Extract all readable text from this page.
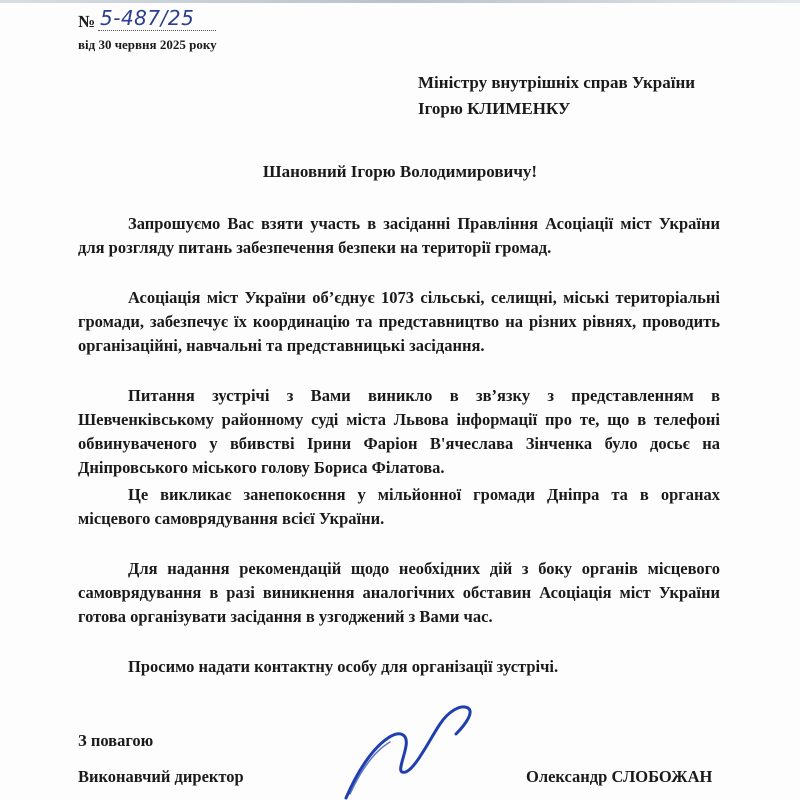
№ 5-487/25
від 30 червня 2025 року
Міністру внутрішніх справ України
Ігорю КЛИМЕНКУ
Шановний Ігорю Володимировичу!

Запрошуємо Вас взяти участь в засіданні Правління Асоціації міст України для розгляду питань забезпечення безпеки на території громад.

Асоціація міст України об’єднує 1073 сільські, селищні, міські територіальні громади, забезпечує їх координацію та представництво на різних рівнях, проводить організаційні, навчальні та представницькі засідання.

Питання зустрічі з Вами виникло в зв’язку з представленням в Шевченківському районному суді міста Львова інформації про те, що в телефоні обвинуваченого у вбивстві Ірини Фаріон В'ячеслава Зінченка було досьє на Дніпровського міського голову Бориса Філатова.

Це викликає занепокоєння у мільйонної громади Дніпра та в органах місцевого самоврядування всієї України.

Для надання рекомендацій щодо необхідних дій з боку органів місцевого самоврядування в разі виникнення аналогічних обставин Асоціація міст України готова організувати засідання в узгоджений з Вами час.

Просимо надати контактну особу для організації зустрічі.

З повагою
Виконавчий директор	Олександр СЛОБОЖАН
